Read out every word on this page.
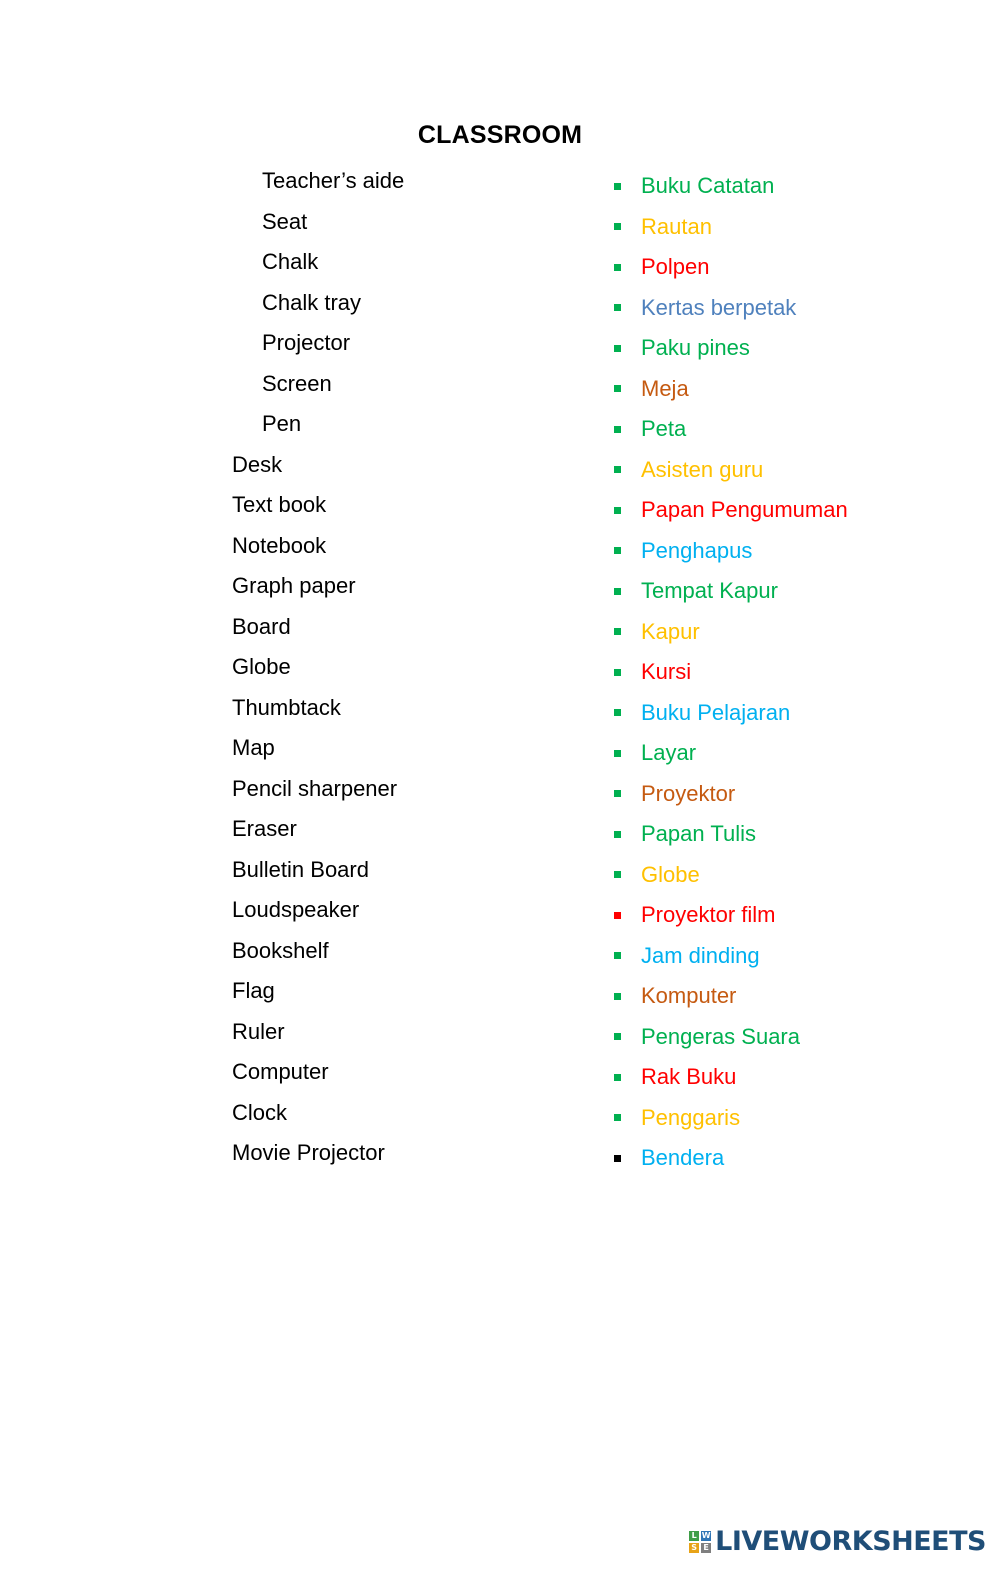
CLASSROOM
Teacher’s aide
Seat
Chalk
Chalk tray
Projector
Screen
Pen
Desk
Text book
Notebook
Graph paper
Board
Globe
Thumbtack
Map
Pencil sharpener
Eraser
Bulletin Board
Loudspeaker
Bookshelf
Flag
Ruler
Computer
Clock
Movie Projector
Buku Catatan
Rautan
Polpen
Kertas berpetak
Paku pines
Meja
Peta
Asisten guru
Papan Pengumuman
Penghapus
Tempat Kapur
Kapur
Kursi
Buku Pelajaran
Layar
Proyektor
Papan Tulis
Globe
Proyektor film
Jam dinding
Komputer
Pengeras Suara
Rak Buku
Penggaris
Bendera
L W
S E LIVEWORKSHEETS
